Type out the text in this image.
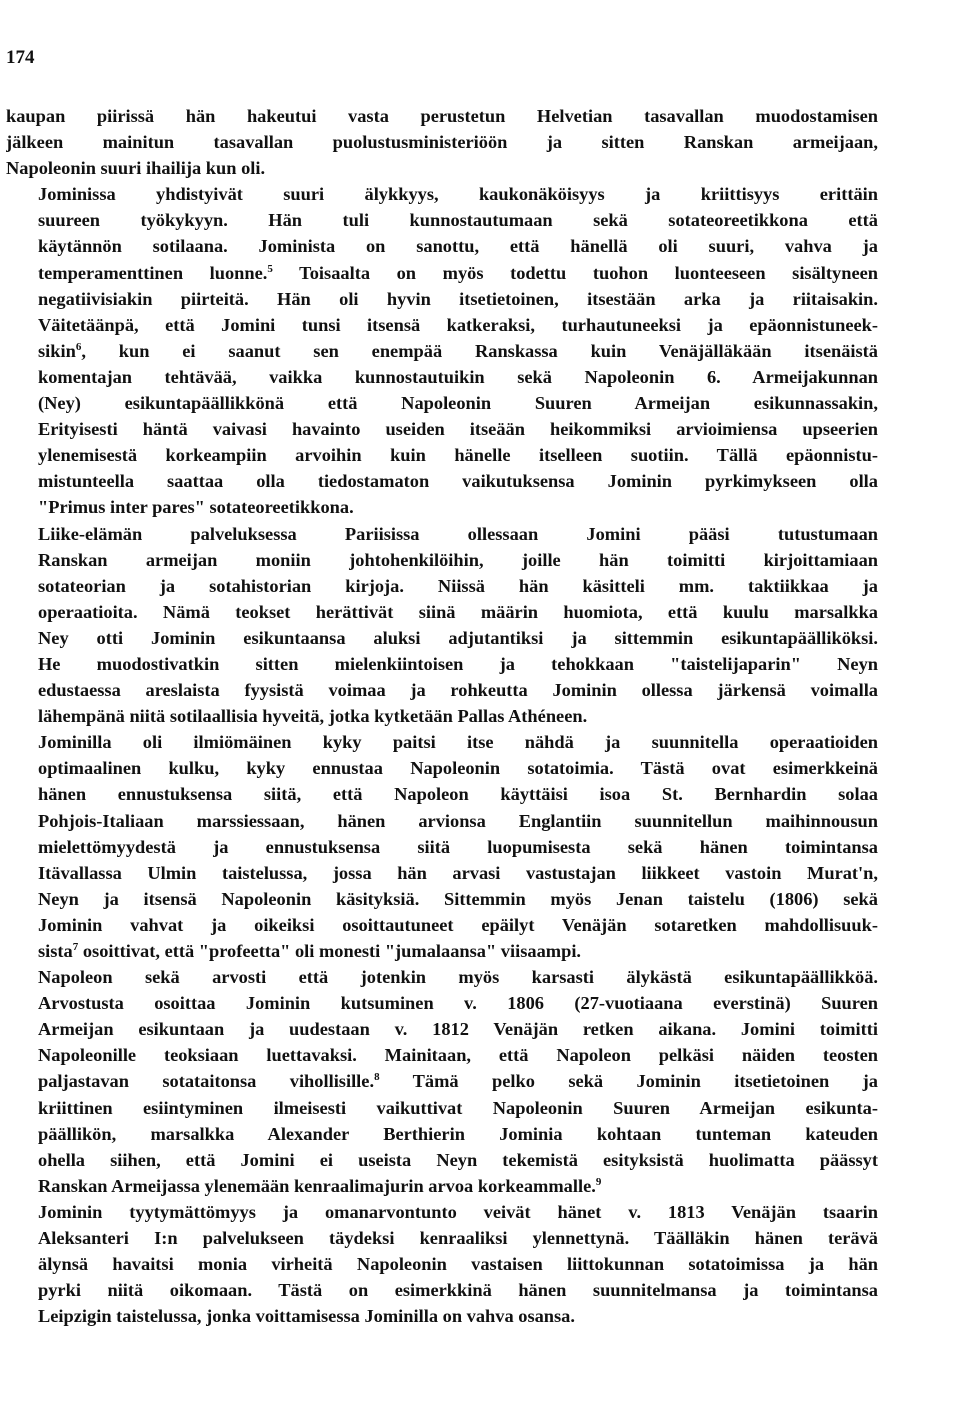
174
kaupan piirissä hän hakeutui vasta perustetun Helvetian tasavallan muodostamisen
jälkeen mainitun tasavallan puolustusministeriöön ja sitten Ranskan armeijaan,
Napoleonin suuri ihailija kun oli.
Jominissa yhdistyivät suuri älykkyys, kaukonäköisyys ja kriittisyys erittäin
suureen työkykyyn. Hän tuli kunnostautumaan sekä sotateoreetikkona että
käytännön sotilaana. Jominista on sanottu, että hänellä oli suuri, vahva ja
temperamenttinen luonne.$^5$ Toisaalta on myös todettu tuohon luonteeseen sisältyneen
negatiivisiakin piirteitä. Hän oli hyvin itsetietoinen, itsestään arka ja riitaisakin.
Väitetäänpä, että Jomini tunsi itsensä katkeraksi, turhautuneeksi ja epäonnistuneek-
sikin$^6$, kun ei saanut sen enempää Ranskassa kuin Venäjälläkään itsenäistä
komentajan tehtävää, vaikka kunnostautuikin sekä Napoleonin 6. Armeijakunnan
(Ney) esikuntapäällikkönä että Napoleonin Suuren Armeijan esikunnassakin,
Erityisesti häntä vaivasi havainto useiden itseään heikommiksi arvioimiensa upseerien
ylenemisestä korkeampiin arvoihin kuin hänelle itselleen suotiin. Tällä epäonnistu-
mistunteella saattaa olla tiedostamaton vaikutuksensa Jominin pyrkimykseen olla
"Primus inter pares" sotateoreetikkona.
Liike-elämän palveluksessa Pariisissa ollessaan Jomini pääsi tutustumaan
Ranskan armeijan moniin johtohenkilöihin, joille hän toimitti kirjoittamiaan
sotateorian ja sotahistorian kirjoja. Niissä hän käsitteli mm. taktiikkaa ja
operaatioita. Nämä teokset herättivät siinä määrin huomiota, että kuulu marsalkka
Ney otti Jominin esikuntaansa aluksi adjutantiksi ja sittemmin esikuntapäälliköksi.
He muodostivatkin sitten mielenkiintoisen ja tehokkaan "taistelijaparin" Neyn
edustaessa areslaista fyysistä voimaa ja rohkeutta Jominin ollessa järkensä voimalla
lähempänä niitä sotilaallisia hyveitä, jotka kytketään Pallas Athéneen.
Jominilla oli ilmiömäinen kyky paitsi itse nähdä ja suunnitella operaatioiden
optimaalinen kulku, kyky ennustaa Napoleonin sotatoimia. Tästä ovat esimerkkeinä
hänen ennustuksensa siitä, että Napoleon käyttäisi isoa St. Bernhardin solaa
Pohjois-Italiaan marssiessaan, hänen arvionsa Englantiin suunnitellun maihinnousun
mielettömyydestä ja ennustuksensa siitä luopumisesta sekä hänen toimintansa
Itävallassa Ulmin taistelussa, jossa hän arvasi vastustajan liikkeet vastoin Murat'n,
Neyn ja itsensä Napoleonin käsityksiä. Sittemmin myös Jenan taistelu (1806) sekä
Jominin vahvat ja oikeiksi osoittautuneet epäilyt Venäjän sotaretken mahdollisuuk-
sista$^7$ osoittivat, että "profeetta" oli monesti "jumalaansa" viisaampi.
Napoleon sekä arvosti että jotenkin myös karsasti älykästä esikuntapäällikköä.
Arvostusta osoittaa Jominin kutsuminen v. 1806 (27-vuotiaana everstinä) Suuren
Armeijan esikuntaan ja uudestaan v. 1812 Venäjän retken aikana. Jomini toimitti
Napoleonille teoksiaan luettavaksi. Mainitaan, että Napoleon pelkäsi näiden teosten
paljastavan sotataitonsa vihollisille.$^8$ Tämä pelko sekä Jominin itsetietoinen ja
kriittinen esiintyminen ilmeisesti vaikuttivat Napoleonin Suuren Armeijan esikunta-
päällikön, marsalkka Alexander Berthierin Jominia kohtaan tunteman kateuden
ohella siihen, että Jomini ei useista Neyn tekemistä esityksistä huolimatta päässyt
Ranskan Armeijassa ylenemään kenraalimajurin arvoa korkeammalle.$^9$
Jominin tyytymättömyys ja omanarvontunto veivät hänet v. 1813 Venäjän tsaarin
Aleksanteri I:n palvelukseen täydeksi kenraaliksi ylennettynä. Täälläkin hänen terävä
älynsä havaitsi monia virheitä Napoleonin vastaisen liittokunnan sotatoimissa ja hän
pyrki niitä oikomaan. Tästä on esimerkkinä hänen suunnitelmansa ja toimintansa
Leipzigin taistelussa, jonka voittamisessa Jominilla on vahva osansa.
